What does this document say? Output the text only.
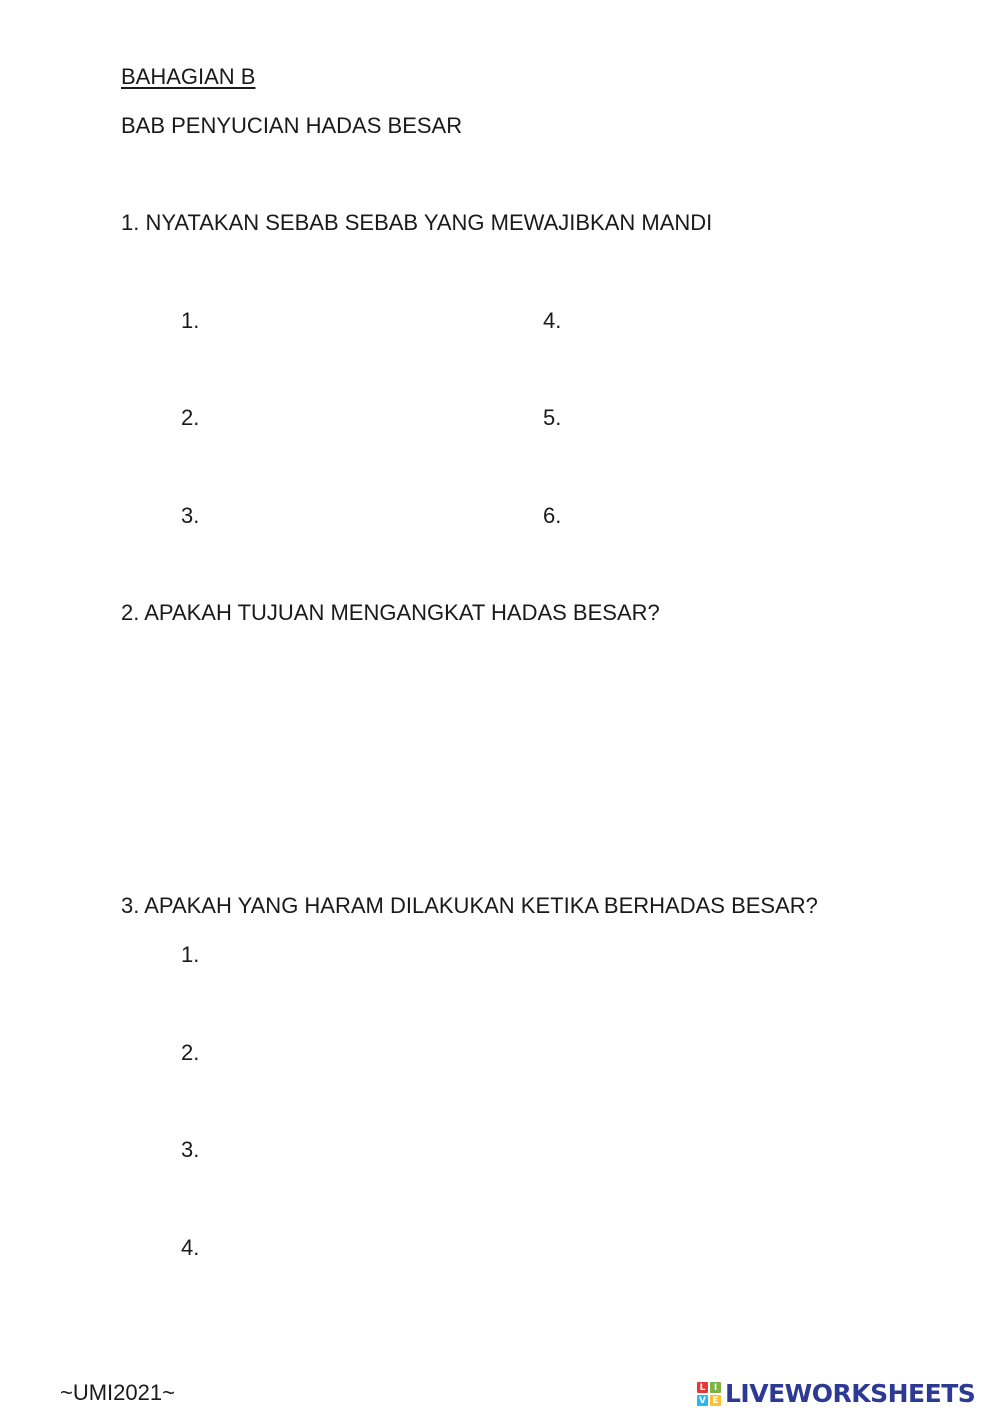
BAHAGIAN B

BAB PENYUCIAN HADAS BESAR

1. NYATAKAN SEBAB SEBAB YANG MEWAJIBKAN MANDI

1.
2.
3.
4.
5.
6.

2. APAKAH TUJUAN MENGANGKAT HADAS BESAR?

3. APAKAH YANG HARAM DILAKUKAN KETIKA BERHADAS BESAR?

1.
2.
3.
4.
~UMI2021~	L I
V E LIVEWORKSHEETS
